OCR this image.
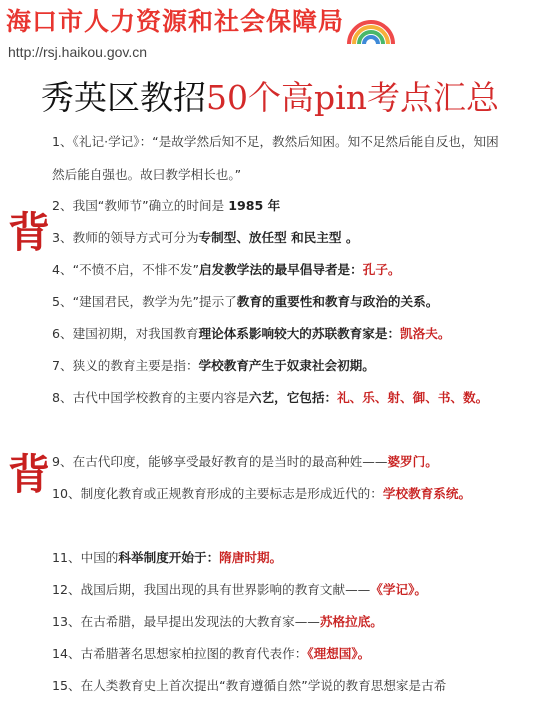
海口市人力资源和社会保障局
http://rsj.haikou.gov.cn
秀英区教招50个高pin考点汇总
背
背
1、《礼记·学记》：“是故学然后知不足，教然后知困。知不足然后能自反也，知困然后能自强也。故曰教学相长也。”
2、我国“教师节”确立的时间是 1985 年
3、教师的领导方式可分为专制型、放任型 和民主型 。
4、“不愤不启，不悱不发”启发教学法的最早倡导者是：孔子。
5、“建国君民，教学为先”提示了教育的重要性和教育与政治的关系。
6、建国初期，对我国教育理论体系影响较大的苏联教育家是：凯洛夫。
7、狭义的教育主要是指：学校教育产生于奴隶社会初期。
8、古代中国学校教育的主要内容是六艺，它包括：礼、乐、射、御、书、数。
9、在古代印度，能够享受最好教育的是当时的最高种姓——婆罗门。
10、制度化教育或正规教育形成的主要标志是形成近代的：学校教育系统。
11、中国的科举制度开始于：隋唐时期。
12、战国后期，我国出现的具有世界影响的教育文献——《学记》。
13、在古希腊，最早提出发现法的大教育家——苏格拉底。
14、古希腊著名思想家柏拉图的教育代表作：《理想国》。
15、在人类教育史上首次提出“教育遵循自然”学说的教育思想家是古希
